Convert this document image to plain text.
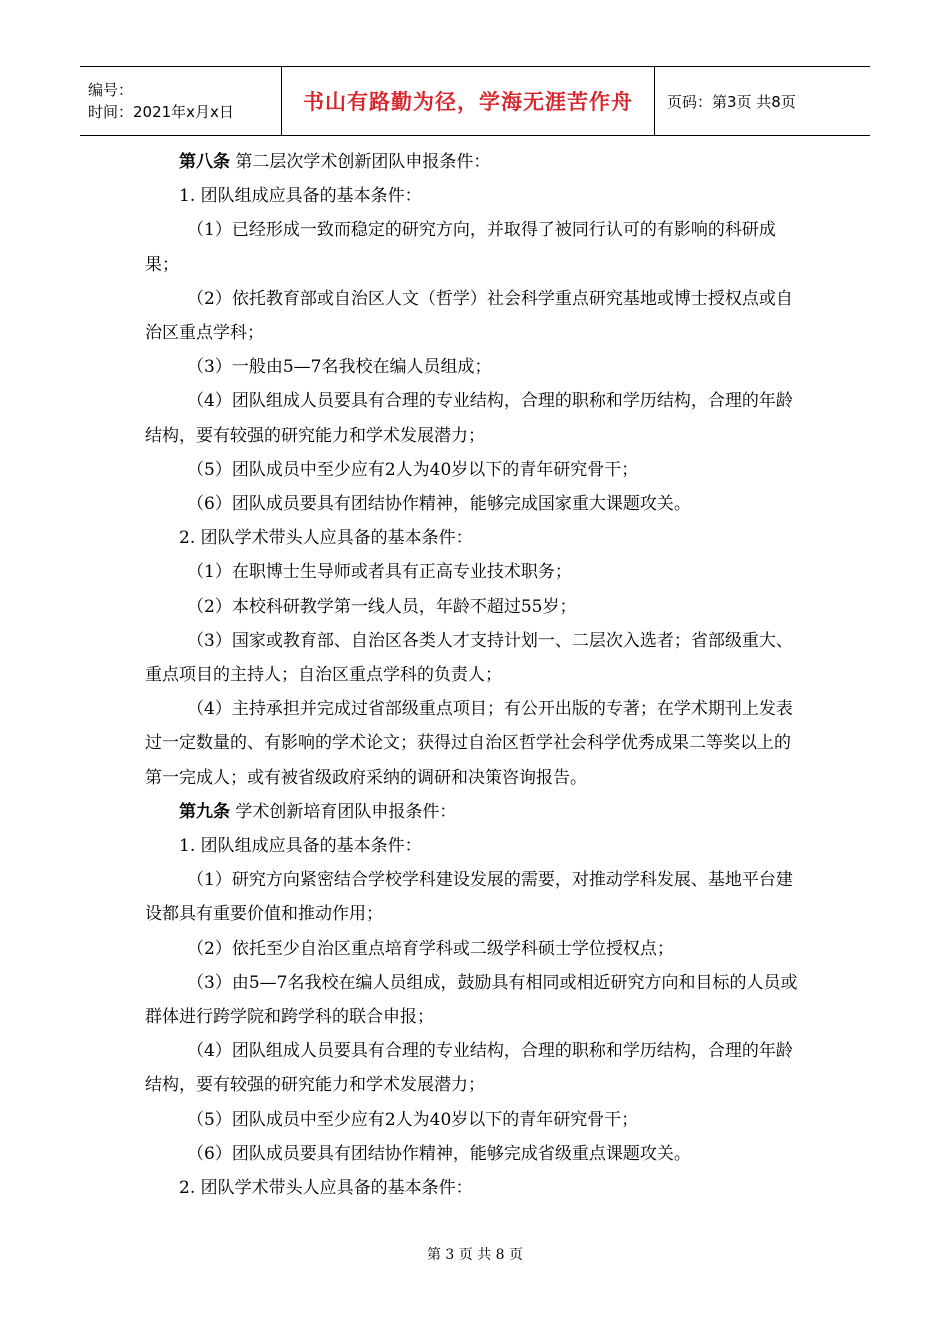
编号：
时间：2021年x月x日	书山有路勤为径，学海无涯苦作舟 页码：第3页 共8页

第八条 第二层次学术创新团队申报条件：

1. 团队组成应具备的基本条件：

（1）已经形成一致而稳定的研究方向，并取得了被同行认可的有影响的科研成果；

（2）依托教育部或自治区人文（哲学）社会科学重点研究基地或博士授权点或自治区重点学科；

（3）一般由5—7名我校在编人员组成；

（4）团队组成人员要具有合理的专业结构，合理的职称和学历结构，合理的年龄结构，要有较强的研究能力和学术发展潜力；

（5）团队成员中至少应有2人为40岁以下的青年研究骨干；

（6）团队成员要具有团结协作精神，能够完成国家重大课题攻关。

2. 团队学术带头人应具备的基本条件：

（1）在职博士生导师或者具有正高专业技术职务；

（2）本校科研教学第一线人员，年龄不超过55岁；

（3）国家或教育部、自治区各类人才支持计划一、二层次入选者；省部级重大、重点项目的主持人；自治区重点学科的负责人；

（4）主持承担并完成过省部级重点项目；有公开出版的专著；在学术期刊上发表过一定数量的、有影响的学术论文；获得过自治区哲学社会科学优秀成果二等奖以上的第一完成人；或有被省级政府采纳的调研和决策咨询报告。

第九条 学术创新培育团队申报条件：

1. 团队组成应具备的基本条件：

（1）研究方向紧密结合学校学科建设发展的需要，对推动学科发展、基地平台建设都具有重要价值和推动作用；

（2）依托至少自治区重点培育学科或二级学科硕士学位授权点；

（3）由5—7名我校在编人员组成，鼓励具有相同或相近研究方向和目标的人员或群体进行跨学院和跨学科的联合申报；

（4）团队组成人员要具有合理的专业结构，合理的职称和学历结构，合理的年龄结构，要有较强的研究能力和学术发展潜力；

（5）团队成员中至少应有2人为40岁以下的青年研究骨干；

（6）团队成员要具有团结协作精神，能够完成省级重点课题攻关。

2. 团队学术带头人应具备的基本条件：

第 3 页 共 8 页
